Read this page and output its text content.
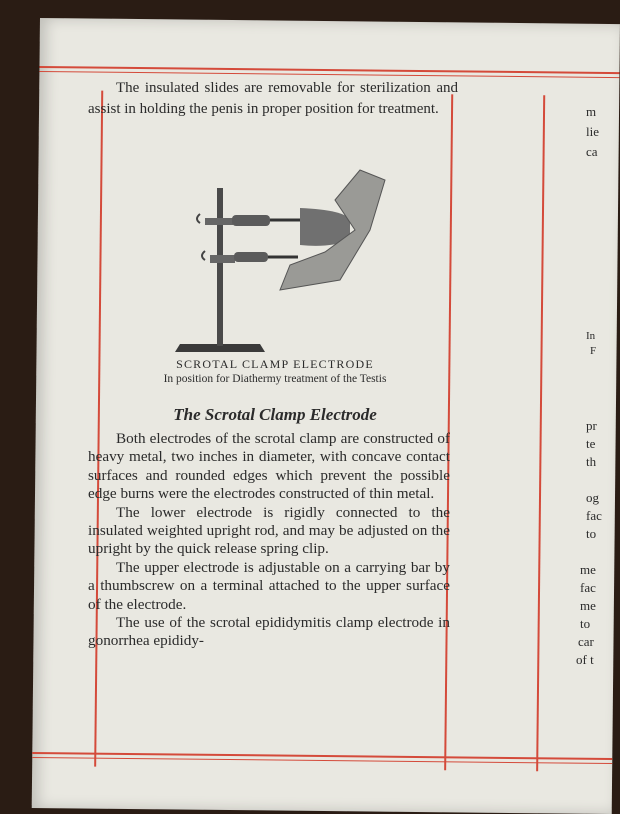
The insulated slides are removable for sterilization and assist in holding the penis in proper position for treatment.
SCROTAL CLAMP ELECTRODE
In position for Diathermy treatment of the Testis
The Scrotal Clamp Electrode

Both electrodes of the scrotal clamp are constructed of heavy metal, two inches in diameter, with concave contact surfaces and rounded edges which prevent the possible edge burns were the electrodes constructed of thin metal.

The lower electrode is rigidly connected to the insulated weighted upright rod, and may be adjusted on the upright by the quick release spring clip.

The upper electrode is adjustable on a carrying bar by a thumbscrew on a terminal attached to the upper surface of the electrode.

The use of the scrotal epididymitis clamp electrode in gonorrhea epididy-

m
lie
ca
In
F
pr
te
th
og
fac
to
me
fac
me
to
car
of t
